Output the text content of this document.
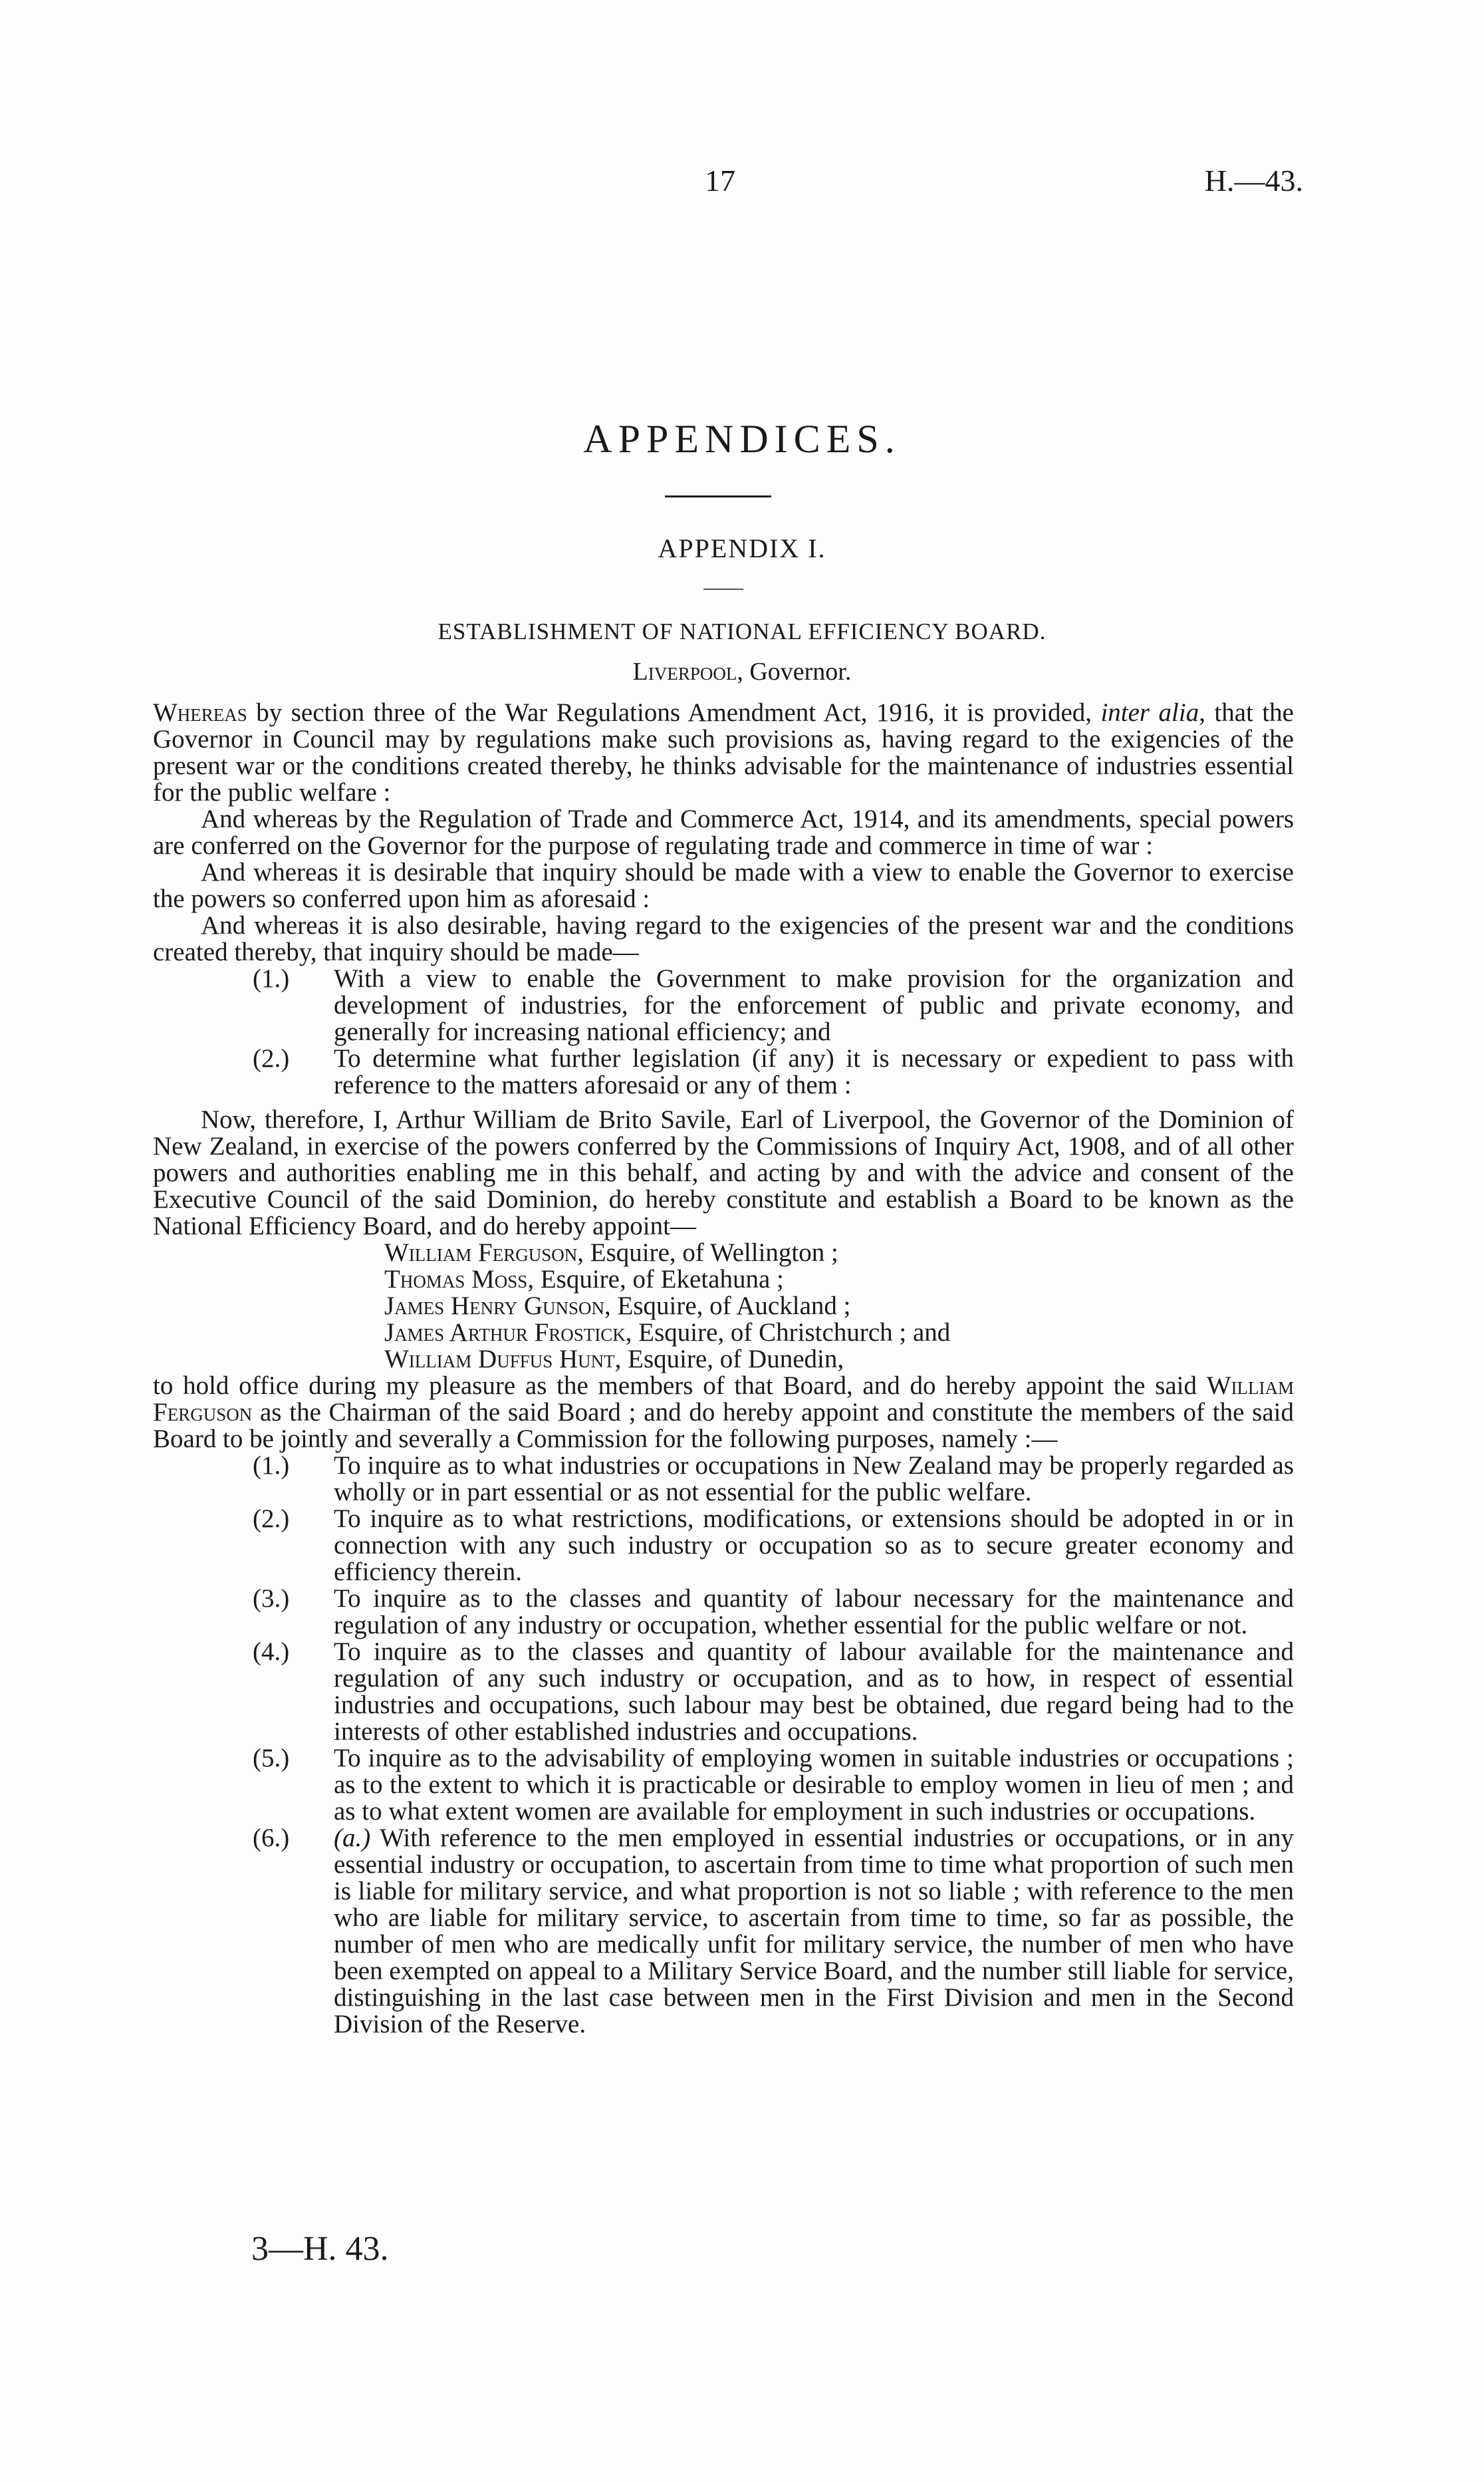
17	H.—43.
APPENDICES.
APPENDIX I.
ESTABLISHMENT OF NATIONAL EFFICIENCY BOARD.
Liverpool, Governor.

Whereas by section three of the War Regulations Amendment Act, 1916, it is provided, inter alia, that the Governor in Council may by regulations make such provisions as, having regard to the exigencies of the present war or the conditions created thereby, he thinks advisable for the maintenance of industries essential for the public welfare :

And whereas by the Regulation of Trade and Commerce Act, 1914, and its amendments, special powers are conferred on the Governor for the purpose of regulating trade and commerce in time of war :

And whereas it is desirable that inquiry should be made with a view to enable the Governor to exercise the powers so conferred upon him as aforesaid :

And whereas it is also desirable, having regard to the exigencies of the present war and the conditions created thereby, that inquiry should be made—

(1.) With a view to enable the Government to make provision for the organization and development of industries, for the enforcement of public and private economy, and generally for increasing national efficiency; and
(2.) To determine what further legislation (if any) it is necessary or expedient to pass with reference to the matters aforesaid or any of them :

Now, therefore, I, Arthur William de Brito Savile, Earl of Liverpool, the Governor of the Dominion of New Zealand, in exercise of the powers conferred by the Commissions of Inquiry Act, 1908, and of all other powers and authorities enabling me in this behalf, and acting by and with the advice and consent of the Executive Council of the said Dominion, do hereby constitute and establish a Board to be known as the National Efficiency Board, and do hereby appoint—

William Ferguson, Esquire, of Wellington ;
Thomas Moss, Esquire, of Eketahuna ;
James Henry Gunson, Esquire, of Auckland ;
James Arthur Frostick, Esquire, of Christchurch ; and
William Duffus Hunt, Esquire, of Dunedin,

to hold office during my pleasure as the members of that Board, and do hereby appoint the said William Ferguson as the Chairman of the said Board ; and do hereby appoint and constitute the members of the said Board to be jointly and severally a Commission for the following purposes, namely :—

(1.) To inquire as to what industries or occupations in New Zealand may be properly regarded as wholly or in part essential or as not essential for the public welfare.
(2.) To inquire as to what restrictions, modifications, or extensions should be adopted in or in connection with any such industry or occupation so as to secure greater economy and efficiency therein.
(3.) To inquire as to the classes and quantity of labour necessary for the maintenance and regulation of any industry or occupation, whether essential for the public welfare or not.
(4.) To inquire as to the classes and quantity of labour available for the maintenance and regulation of any such industry or occupation, and as to how, in respect of essential industries and occupations, such labour may best be obtained, due regard being had to the interests of other established industries and occupations.
(5.) To inquire as to the advisability of employing women in suitable industries or occupations ; as to the extent to which it is practicable or desirable to employ women in lieu of men ; and as to what extent women are available for employment in such industries or occupations.
(6.) (a.) With reference to the men employed in essential industries or occupations, or in any essential industry or occupation, to ascertain from time to time what proportion of such men is liable for military service, and what proportion is not so liable ; with reference to the men who are liable for military service, to ascertain from time to time, so far as possible, the number of men who are medically unfit for military service, the number of men who have been exempted on appeal to a Military Service Board, and the number still liable for service, distinguishing in the last case between men in the First Division and men in the Second Division of the Reserve.
3—H. 43.
